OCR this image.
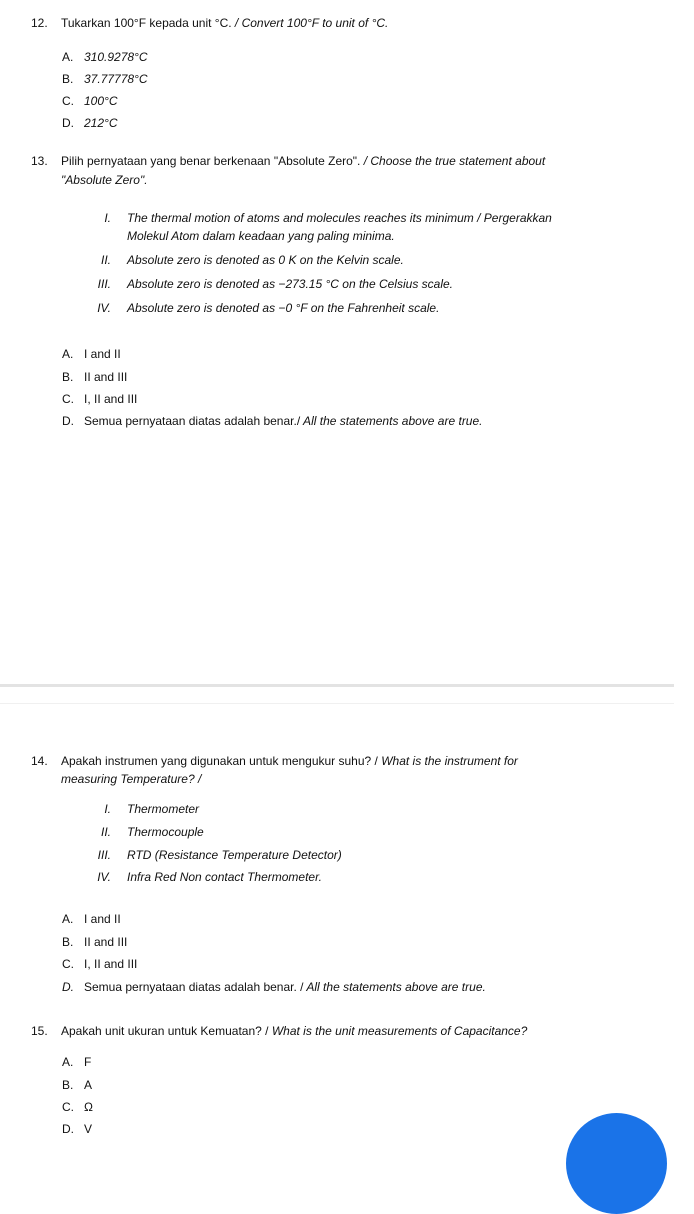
12. Tukarkan 100°F kepada unit °C. / Convert 100°F to unit of °C.
A. 310.9278°C
B. 37.77778°C
C. 100°C
D. 212°C
13. Pilih pernyataan yang benar berkenaan "Absolute Zero". / Choose the true statement about
"Absolute Zero".
I. The thermal motion of atoms and molecules reaches its minimum / Pergerakkan
Molekul Atom dalam keadaan yang paling minima.
II. Absolute zero is denoted as 0 K on the Kelvin scale.
III. Absolute zero is denoted as −273.15 °C on the Celsius scale.
IV. Absolute zero is denoted as −0 °F on the Fahrenheit scale.
A. I and II
B. II and III
C. I, II and III
D. Semua pernyataan diatas adalah benar./ All the statements above are true.
14. Apakah instrumen yang digunakan untuk mengukur suhu? / What is the instrument for
measuring Temperature? /
I. Thermometer
II. Thermocouple
III. RTD (Resistance Temperature Detector)
IV. Infra Red Non contact Thermometer.
A. I and II
B. II and III
C. I, II and III
D. Semua pernyataan diatas adalah benar. / All the statements above are true.
15. Apakah unit ukuran untuk Kemuatan? / What is the unit measurements of Capacitance?
A. F
B. A
C. Ω
D. V
